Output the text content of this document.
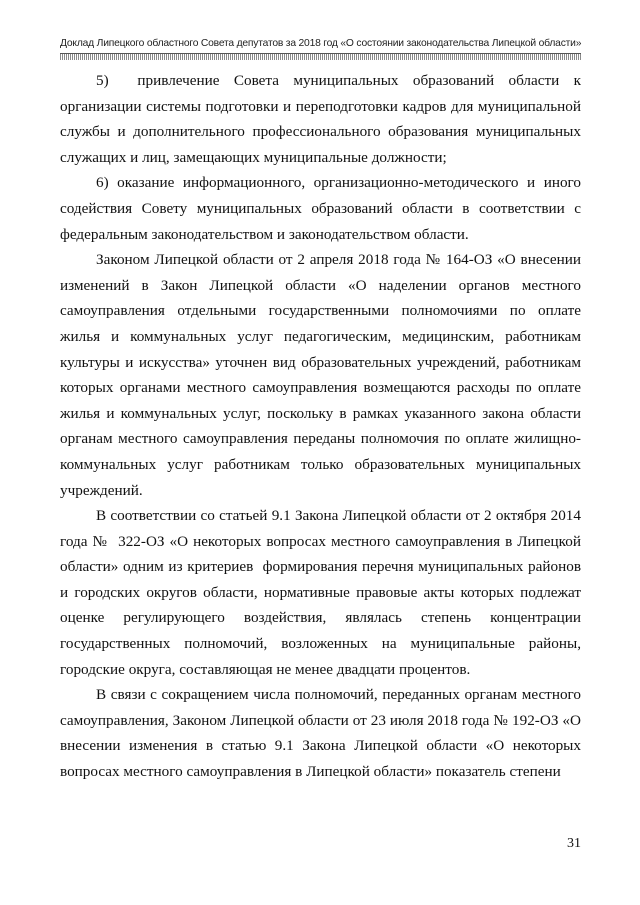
Доклад Липецкого областного Совета депутатов за 2018 год «О состоянии законодательства Липецкой области»

5)  привлечение Совета муниципальных образований области к организации системы подготовки и переподготовки кадров для муниципальной службы и дополнительного профессионального образования муниципальных служащих и лиц, замещающих муниципальные должности;

6) оказание информационного, организационно-методического и иного содействия Совету муниципальных образований области в соответствии с федеральным законодательством и законодательством области.

Законом Липецкой области от 2 апреля 2018 года № 164-ОЗ «О внесении изменений в Закон Липецкой области «О наделении органов местного самоуправления отдельными государственными полномочиями по оплате жилья и коммунальных услуг педагогическим, медицинским, работникам культуры и искусства» уточнен вид образовательных учреждений, работникам которых органами местного самоуправления возмещаются расходы по оплате жилья и коммунальных услуг, поскольку в рамках указанного закона области органам местного самоуправления переданы полномочия по оплате жилищно-коммунальных услуг работникам только образовательных муниципальных учреждений.

В соответствии со статьей 9.1 Закона Липецкой области от 2 октября 2014 года №  322-ОЗ «О некоторых вопросах местного самоуправления в Липецкой области» одним из критериев  формирования перечня муниципальных районов и городских округов области, нормативные правовые акты которых подлежат оценке регулирующего воздействия, являлась степень концентрации государственных полномочий, возложенных на муниципальные районы, городские округа, составляющая не менее двадцати процентов.

В связи с сокращением числа полномочий, переданных органам местного самоуправления, Законом Липецкой области от 23 июля 2018 года № 192-ОЗ «О внесении изменения в статью 9.1 Закона Липецкой области «О некоторых вопросах местного самоуправления в Липецкой области» показатель степени

31
